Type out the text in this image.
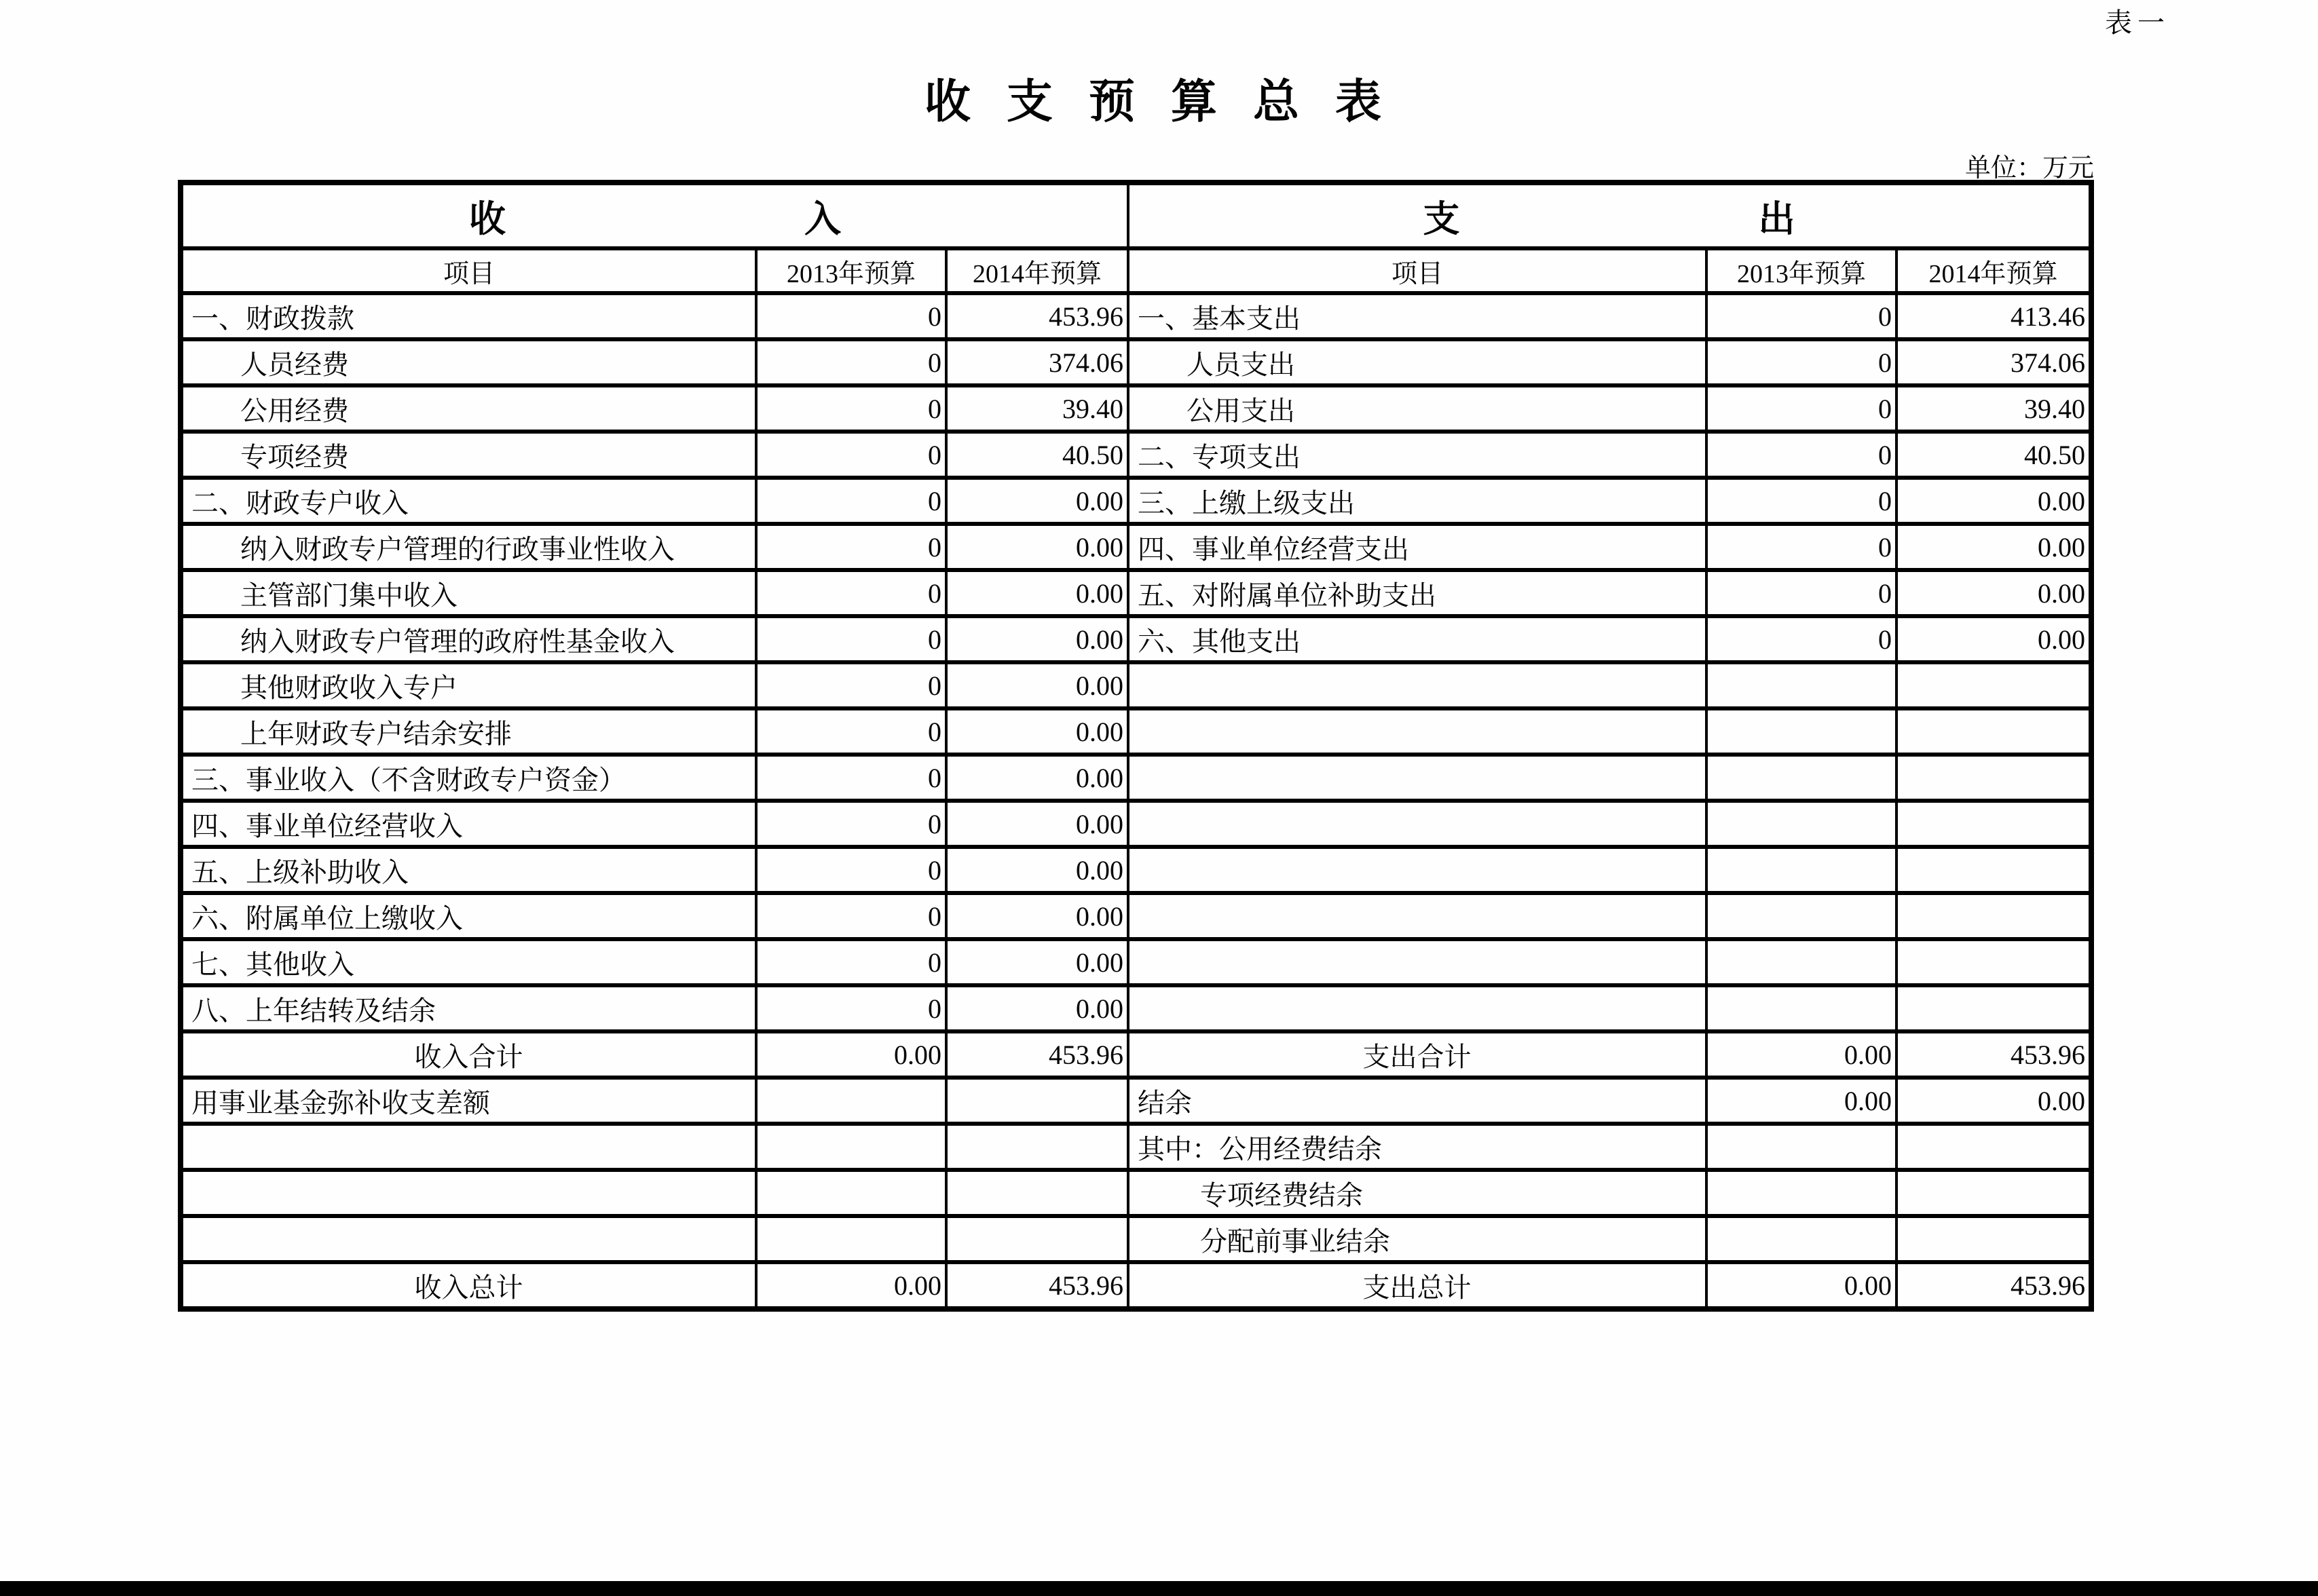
表一
收 支 预 算 总 表
单位：万元
收 入			支 出		

项目	2013年预算	2014年预算	项目	2013年预算	2014年预算
一、财政拨款	0	453.96	一、基本支出	0	413.46
人员经费	0	374.06	人员支出	0	374.06
公用经费	0	39.40	公用支出	0	39.40
专项经费	0	40.50	二、专项支出	0	40.50
二、财政专户收入	0	0.00	三、上缴上级支出	0	0.00
纳入财政专户管理的行政事业性收入	0	0.00	四、事业单位经营支出	0	0.00
主管部门集中收入	0	0.00	五、对附属单位补助支出	0	0.00
纳入财政专户管理的政府性基金收入	0	0.00	六、其他支出	0	0.00
其他财政收入专户	0	0.00			
上年财政专户结余安排	0	0.00			
三、事业收入（不含财政专户资金）	0	0.00			
四、事业单位经营收入	0	0.00			
五、上级补助收入	0	0.00			
六、附属单位上缴收入	0	0.00			
七、其他收入	0	0.00			
八、上年结转及结余	0	0.00			
收入合计	0.00	453.96	支出合计	0.00	453.96
用事业基金弥补收支差额			结余	0.00	0.00
			其中：公用经费结余		
			专项经费结余		
			分配前事业结余		
收入总计	0.00	453.96	支出总计	0.00	453.96
